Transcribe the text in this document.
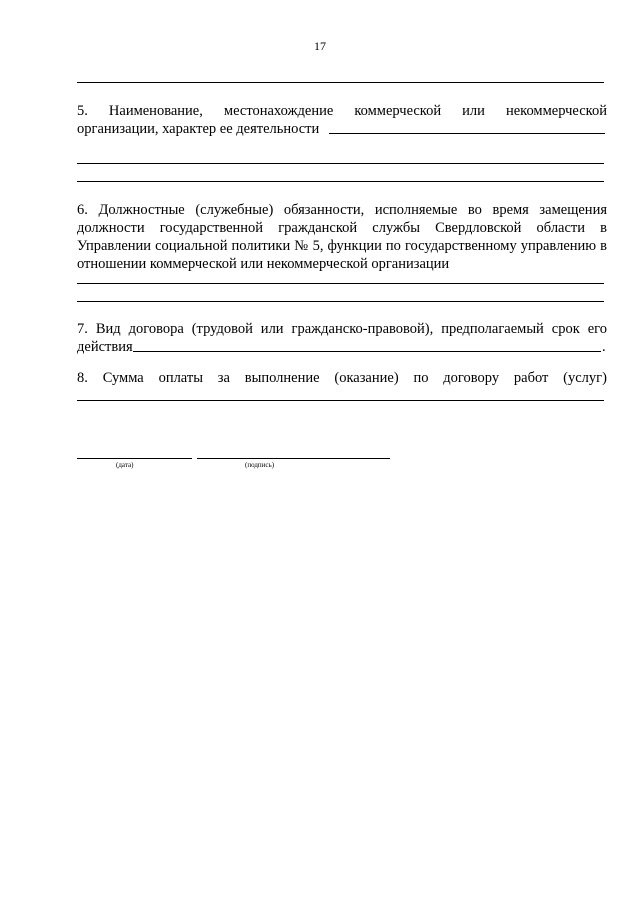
17
5. Наименование, местонахождение коммерческой или некоммерческой
организации, характер ее деятельности
6. Должностные (служебные) обязанности, исполняемые во время замещения должности государственной гражданской службы Свердловской области в Управлении социальной политики № 5, функции по государственному управлению в отношении коммерческой или некоммерческой организации
7. Вид договора (трудовой или гражданско-правовой), предполагаемый срок его
действия	.
8. Сумма оплаты за выполнение (оказание) по договору работ (услуг)
(дата)	(подпись)
